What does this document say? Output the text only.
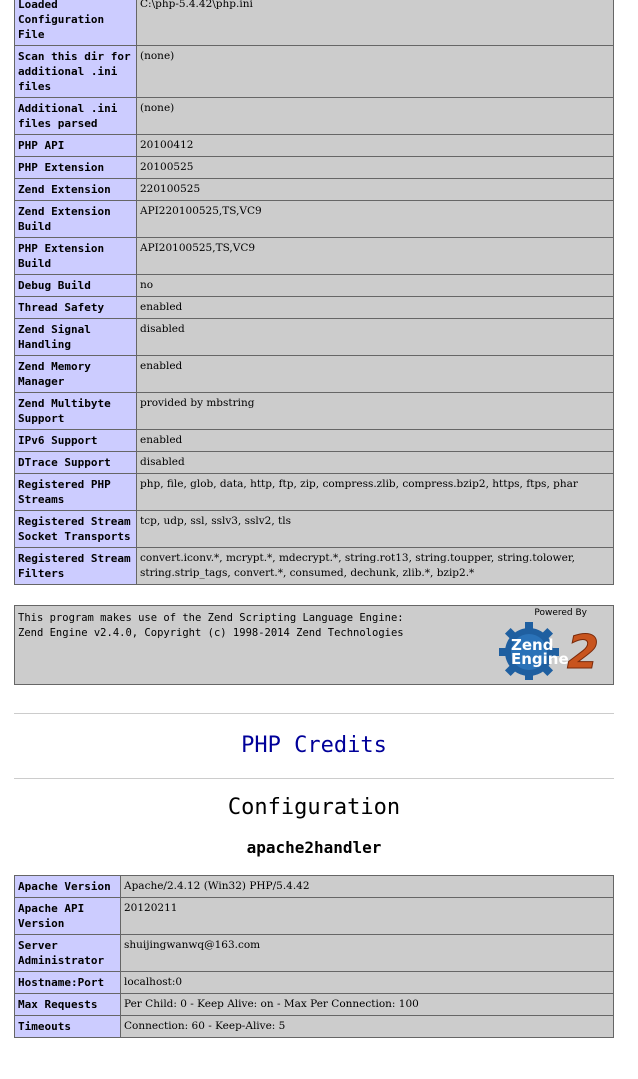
Loaded Configuration File	C:\php-5.4.42\php.ini
Scan this dir for additional .ini files	(none)
Additional .ini files parsed	(none)
PHP API	20100412
PHP Extension	20100525
Zend Extension	220100525
Zend Extension Build	API220100525,TS,VC9
PHP Extension Build	API20100525,TS,VC9
Debug Build	no
Thread Safety	enabled
Zend Signal Handling	disabled
Zend Memory Manager	enabled
Zend Multibyte Support	provided by mbstring
IPv6 Support	enabled
DTrace Support	disabled
Registered PHP Streams	php, file, glob, data, http, ftp, zip, compress.zlib, compress.bzip2, https, ftps, phar
Registered Stream Socket Transports	tcp, udp, ssl, sslv3, sslv2, tls
Registered Stream Filters	convert.iconv.*, mcrypt.*, mdecrypt.*, string.rot13, string.toupper, string.tolower, string.strip_tags, convert.*, consumed, dechunk, zlib.*, bzip2.*
This program makes use of the Zend Scripting Language Engine:
Zend Engine v2.4.0, Copyright (c) 1998-2014 Zend Technologies
Powered By
2
Zend
Engine
PHP Credits
Configuration
apache2handler
Apache Version	Apache/2.4.12 (Win32) PHP/5.4.42
Apache API Version	20120211
Server Administrator	shuijingwanwq@163.com
Hostname:Port	localhost:0
Max Requests	Per Child: 0 - Keep Alive: on - Max Per Connection: 100
Timeouts	Connection: 60 - Keep-Alive: 5
